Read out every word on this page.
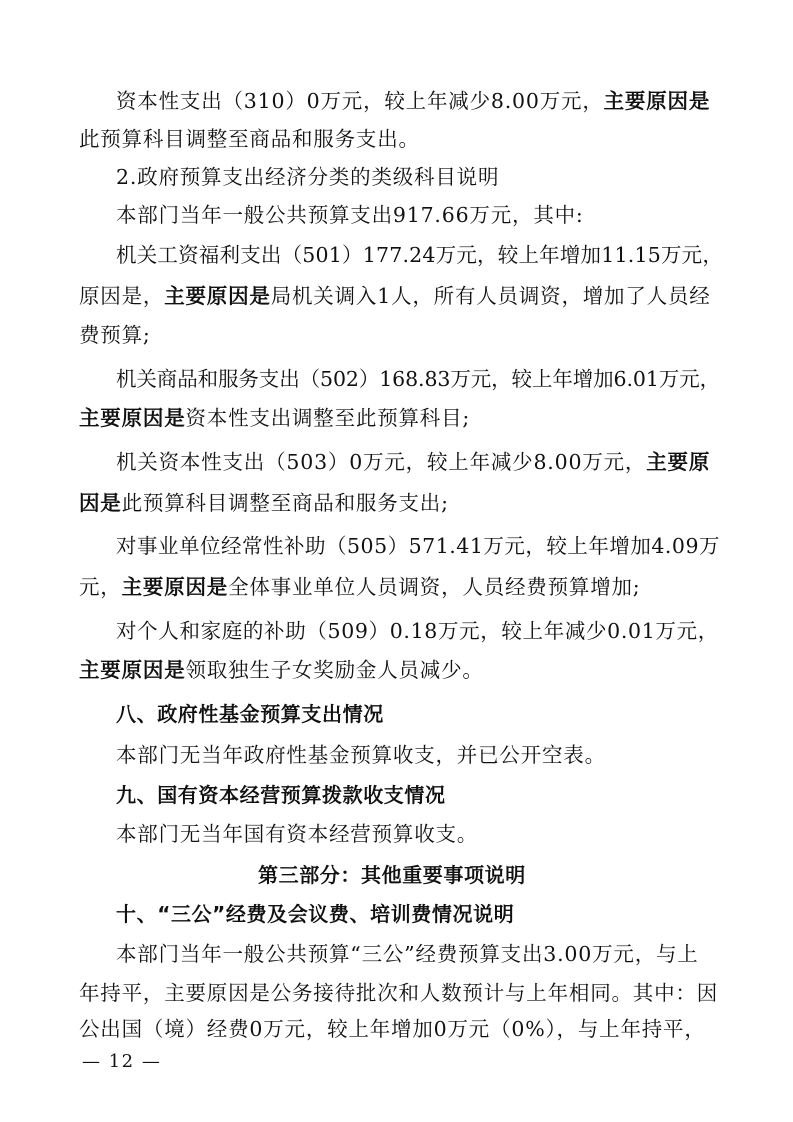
资本性支出（310）0万元，较上年减少8.00万元，主要原因是

此预算科目调整至商品和服务支出。

2.政府预算支出经济分类的类级科目说明

本部门当年一般公共预算支出917.66万元，其中:

机关工资福利支出（501）177.24万元，较上年增加11.15万元，

原因是，主要原因是局机关调入1人，所有人员调资，增加了人员经

费预算;

机关商品和服务支出（502）168.83万元，较上年增加6.01万元，

主要原因是资本性支出调整至此预算科目;

机关资本性支出（503）0万元，较上年减少8.00万元，主要原

因是此预算科目调整至商品和服务支出;

对事业单位经常性补助（505）571.41万元，较上年增加4.09万

元，主要原因是全体事业单位人员调资，人员经费预算增加;

对个人和家庭的补助（509）0.18万元，较上年减少0.01万元，

主要原因是领取独生子女奖励金人员减少。

八、政府性基金预算支出情况

本部门无当年政府性基金预算收支，并已公开空表。

九、国有资本经营预算拨款收支情况

本部门无当年国有资本经营预算收支。

第三部分：其他重要事项说明

十、“三公”经费及会议费、培训费情况说明

本部门当年一般公共预算“三公”经费预算支出3.00万元，与上

年持平，主要原因是公务接待批次和人数预计与上年相同。其中：因

公出国（境）经费0万元，较上年增加0万元（0%），与上年持平，

— 12 —
